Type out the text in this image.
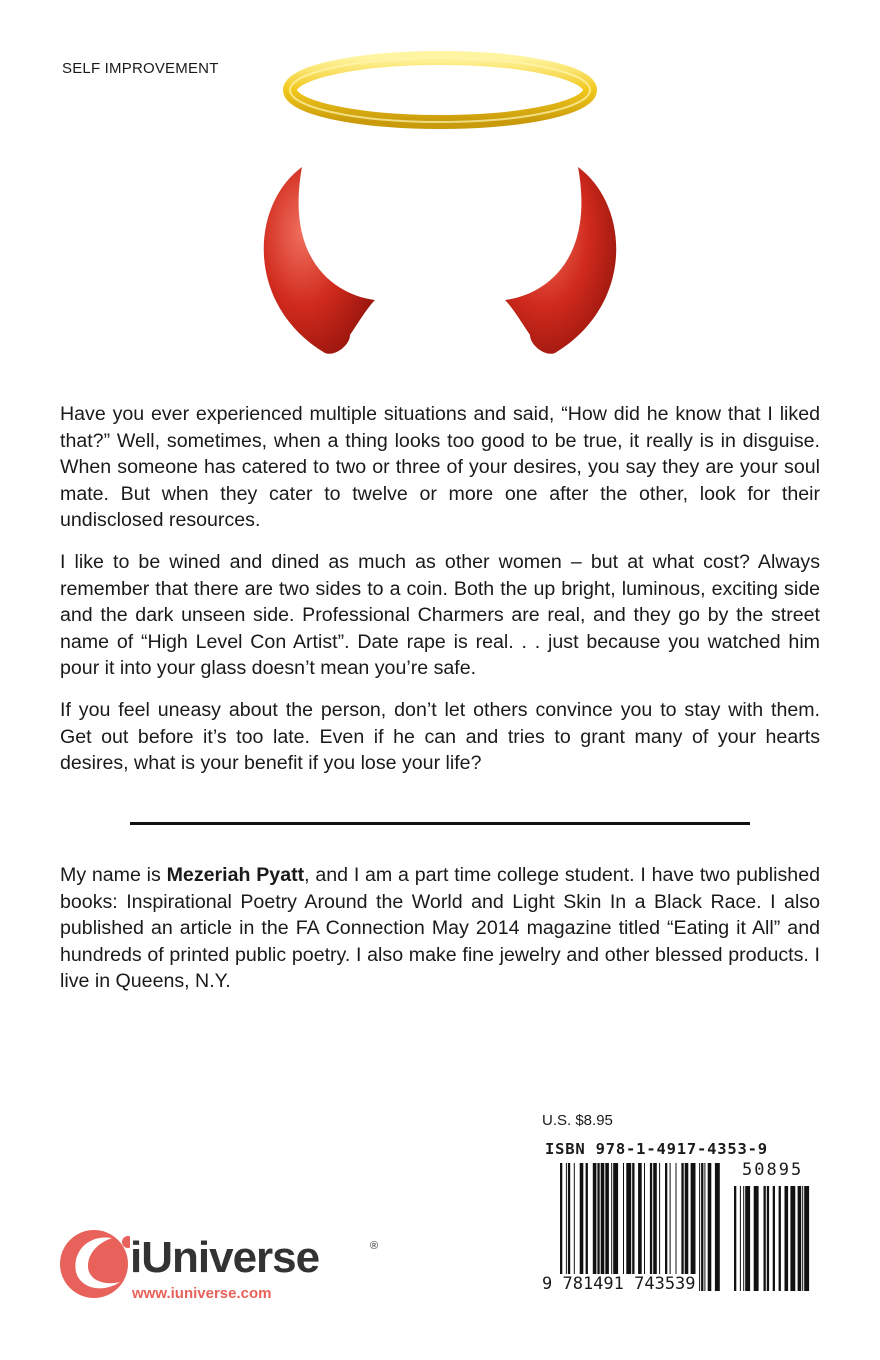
SELF IMPROVEMENT

Have you ever experienced multiple situations and said, “How did he know that I liked that?” Well, sometimes, when a thing looks too good to be true, it really is in disguise. When someone has catered to two or three of your desires, you say they are your soul mate. But when they cater to twelve or more one after the other, look for their undisclosed resources.

I like to be wined and dined as much as other women – but at what cost? Always remember that there are two sides to a coin. Both the up bright, luminous, exciting side and the dark unseen side. Professional Charmers are real, and they go by the street name of “High Level Con Artist”. Date rape is real. . . just because you watched him pour it into your glass doesn’t mean you’re safe.

If you feel uneasy about the person, don’t let others convince you to stay with them. Get out before it’s too late. Even if he can and tries to grant many of your hearts desires, what is your benefit if you lose your life?

My name is Mezeriah Pyatt, and I am a part time college student. I have two published books: Inspirational Poetry Around the World and Light Skin In a Black Race. I also published an article in the FA Connection May 2014 magazine titled “Eating it All” and hundreds of printed public poetry. I also make fine jewelry and other blessed products. I live in Queens, N.Y.

U.S. $8.95
ISBN 978-1-4917-4353-9
50895
9 781491 743539
iUniverse	®
www.iuniverse.com
